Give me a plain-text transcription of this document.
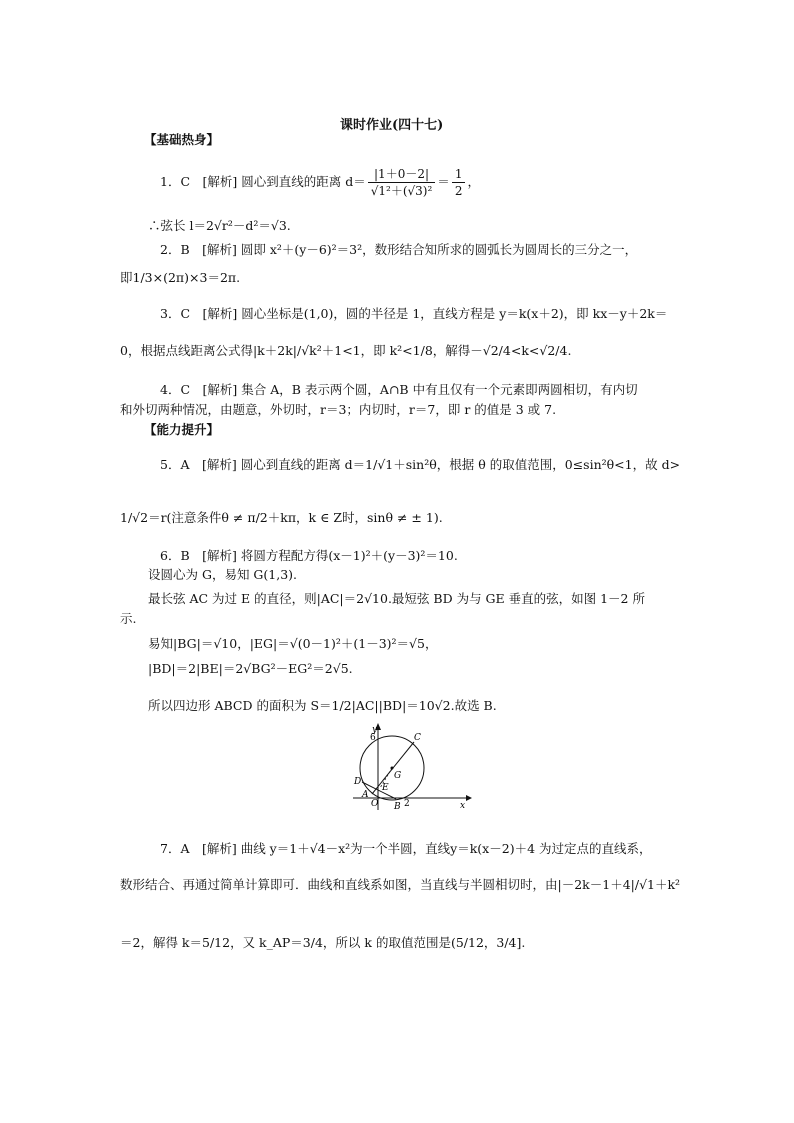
课时作业(四十七)
【基础热身】
1．C　[解析] 圆心到直线的距离 $d= \frac{|1+0-2|}{\text{√1²＋(√3)²}} = \frac{1}{2}$ ，
∴弦长 l＝2√r²－d²＝√3.
2．B　[解析] 圆即 x²＋(y－6)²＝3²，数形结合知所求的圆弧长为圆周长的三分之一，
即1/3×(2π)×3＝2π.
3．C　[解析] 圆心坐标是(1,0)，圆的半径是 1，直线方程是 y＝k(x＋2)，即 kx－y＋2k＝
0，根据点线距离公式得|k＋2k|/√k²＋1<1，即 k²<1/8，解得－√2/4<k<√2/4.
4．C　[解析] 集合 A，B 表示两个圆，A∩B 中有且仅有一个元素即两圆相切，有内切
和外切两种情况，由题意，外切时，r＝3；内切时，r＝7，即 r 的值是 3 或 7.
【能力提升】
5．A　[解析] 圆心到直线的距离 d＝1/√1＋sin²θ，根据 θ 的取值范围，0≤sin²θ<1，故 d>
1/√2＝r(注意条件θ ≠ π/2＋kπ，k ∈ Z时，sinθ ≠ ± 1).
6．B　[解析] 将圆方程配方得(x－1)²＋(y－3)²＝10.
设圆心为 G，易知 G(1,3).
最长弦 AC 为过 E 的直径，则|AC|＝2√10.最短弦 BD 为与 GE 垂直的弦，如图 1－2 所
示.
易知|BG|＝√10，|EG|＝√(0－1)²＋(1－3)²＝√5，
|BD|＝2|BE|＝2√BG²－EG²＝2√5.
所以四边形 ABCD 的面积为 S＝1/2|AC||BD|＝10√2.故选 B.
y
6	C
G
D
E
A
O B 2	x
7．A　[解析] 曲线 y＝1＋√4－x²为一个半圆，直线y＝k(x－2)＋4 为过定点的直线系，
数形结合、再通过简单计算即可．曲线和直线系如图，当直线与半圆相切时，由|－2k－1＋4|/√1＋k²
＝2，解得 k＝5/12，又 k_AP＝3/4，所以 k 的取值范围是(5/12，3/4].
